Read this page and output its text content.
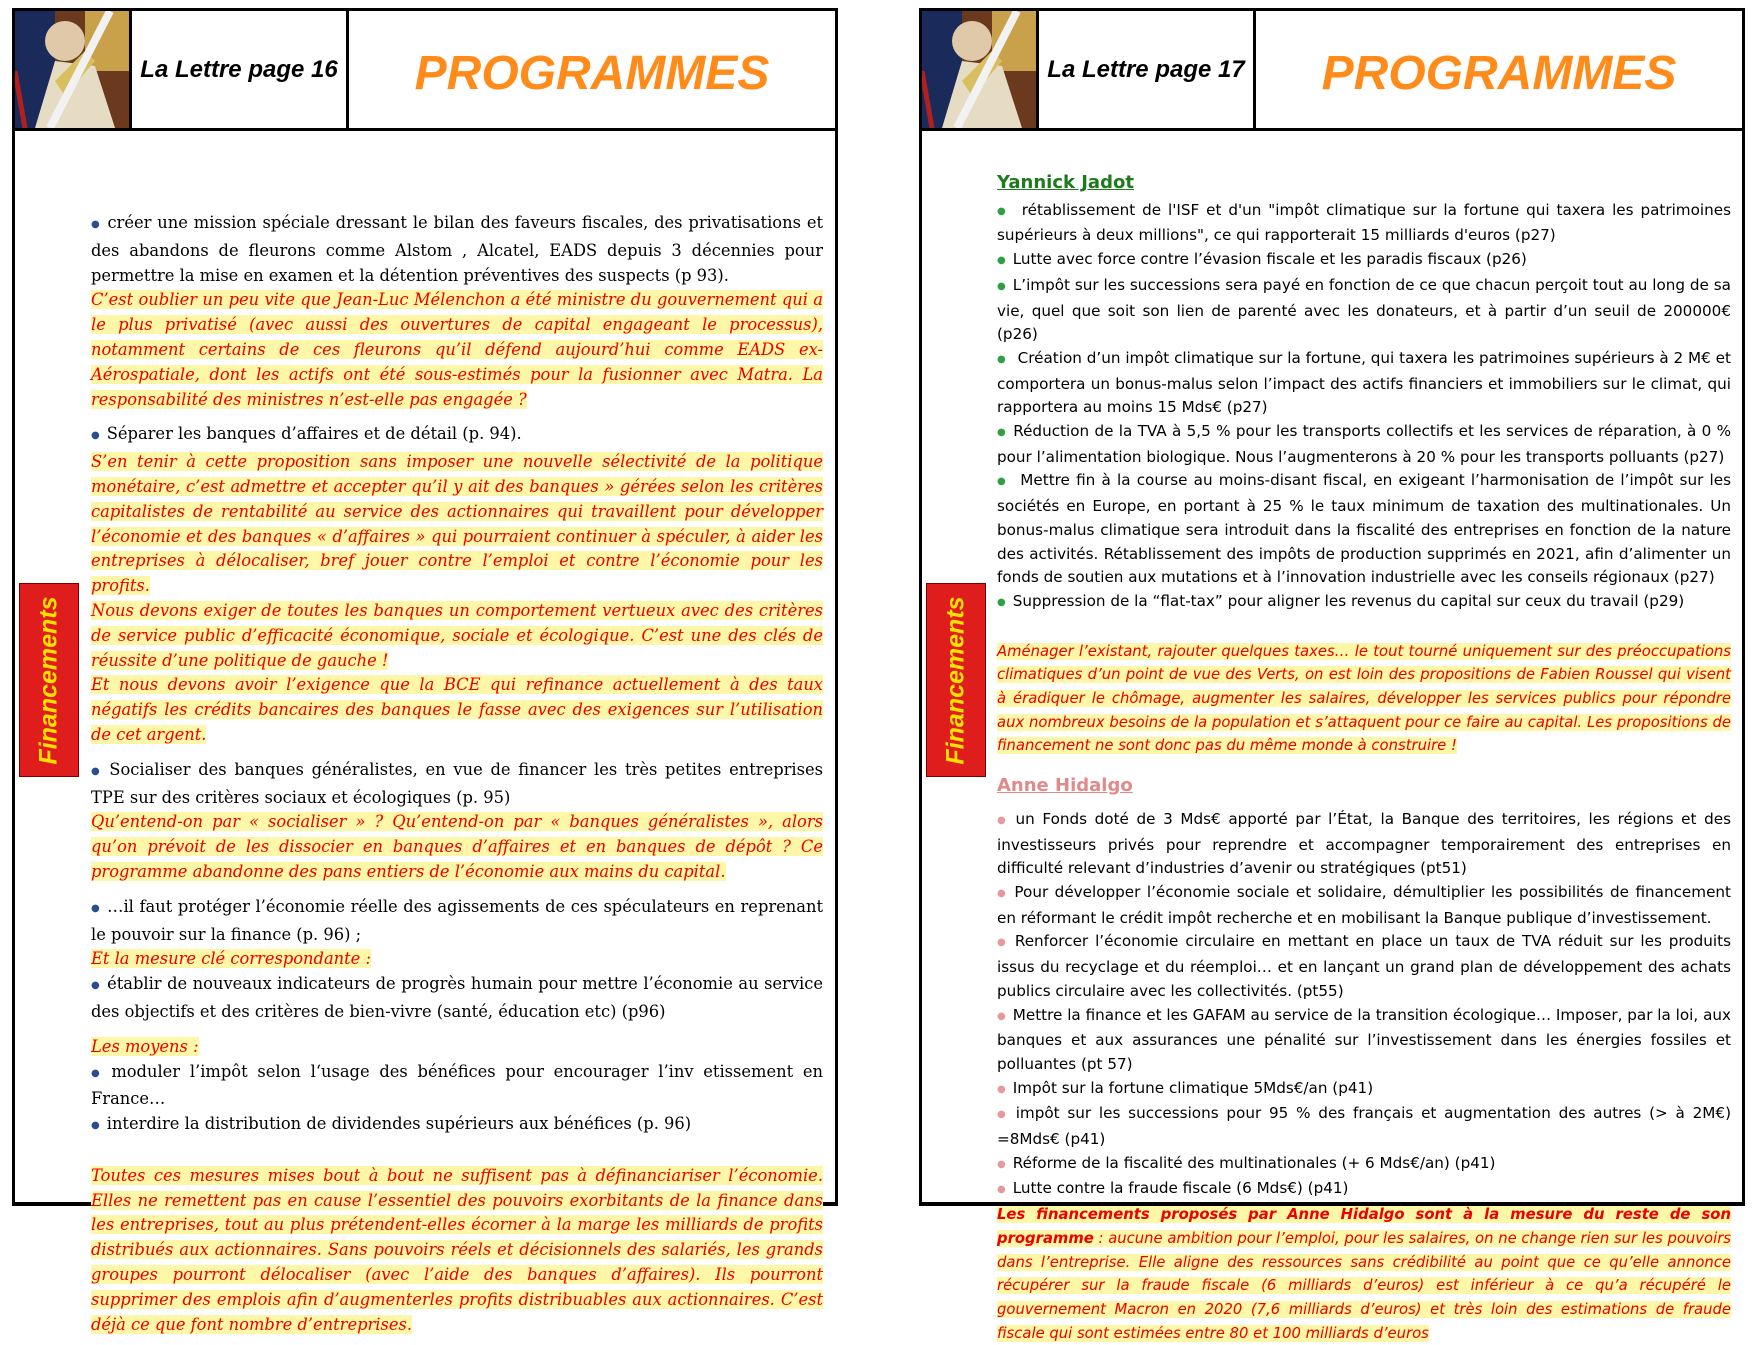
La Lettre page 16	PROGRAMMES
Financements

● créer une mission spéciale dressant le bilan des faveurs fiscales, des privatisations et des abandons de fleurons comme Alstom , Alcatel, EADS depuis 3 décennies pour permettre la mise en examen et la détention préventives des suspects (p 93).

C’est oublier un peu vite que Jean-Luc Mélenchon a été ministre du gouvernement qui a le plus privatisé (avec aussi des ouvertures de capital engageant le processus), notamment certains de ces fleurons qu’il défend aujourd’hui comme EADS ex-Aérospatiale, dont les actifs ont été sous-estimés pour la fusionner avec Matra. La responsabilité des ministres n’est-elle pas engagée ?

● Séparer les banques d’affaires et de détail (p. 94).

S’en tenir à cette proposition sans imposer une nouvelle sélectivité de la politique monétaire, c’est admettre et accepter qu’il y ait des banques » gérées selon les critères capitalistes de rentabilité au service des actionnaires qui travaillent pour développer l’économie et des banques « d’affaires » qui pourraient continuer à spéculer, à aider les entreprises à délocaliser, bref jouer contre l’emploi et contre l’économie pour les profits.

Nous devons exiger de toutes les banques un comportement vertueux avec des critères de service public d’efficacité économique, sociale et écologique. C’est une des clés de réussite d’une politique de gauche !

Et nous devons avoir l’exigence que la BCE qui refinance actuellement à des taux négatifs les crédits bancaires des banques le fasse avec des exigences sur l’utilisation de cet argent.

● Socialiser des banques généralistes, en vue de financer les très petites entreprises TPE sur des critères sociaux et écologiques (p. 95)

Qu’entend-on par « socialiser » ? Qu’entend-on par « banques généralistes », alors qu’on prévoit de les dissocier en banques d’affaires et en banques de dépôt ? Ce programme abandonne des pans entiers de l’économie aux mains du capital.

● …il faut protéger l’économie réelle des agissements de ces spéculateurs en reprenant le pouvoir sur la finance (p. 96) ;

Et la mesure clé correspondante :

● établir de nouveaux indicateurs de progrès humain pour mettre l’économie au service des objectifs et des critères de bien-vivre (santé, éducation etc) (p96)

Les moyens :

● moduler l’impôt selon l‘usage des bénéfices pour encourager l’inv etissement en France…

● interdire la distribution de dividendes supérieurs aux bénéfices (p. 96)

Toutes ces mesures mises bout à bout ne suffisent pas à définanciariser l’économie. Elles ne remettent pas en cause l’essentiel des pouvoirs exorbitants de la finance dans les entreprises, tout au plus prétendent-elles écorner à la marge les milliards de profits distribués aux actionnaires. Sans pouvoirs réels et décisionnels des salariés, les grands groupes pourront délocaliser (avec l’aide des banques d’affaires). Ils pourront supprimer des emplois afin d’augmenterles profits distribuables aux actionnaires. C’est déjà ce que font nombre d’entreprises.

La Lettre page 17	PROGRAMMES
Financements
Yannick Jadot

● rétablissement de l'ISF et d'un "impôt climatique sur la fortune qui taxera les patrimoines supérieurs à deux millions", ce qui rapporterait 15 milliards d'euros (p27)

● Lutte avec force contre l’évasion fiscale et les paradis fiscaux (p26)

● L’impôt sur les successions sera payé en fonction de ce que chacun perçoit tout au long de sa vie, quel que soit son lien de parenté avec les donateurs, et à partir d’un seuil de 200000€ (p26)

● Création d’un impôt climatique sur la fortune, qui taxera les patrimoines supérieurs à 2 M€ et comportera un bonus-malus selon l’impact des actifs financiers et immobiliers sur le climat, qui rapportera au moins 15 Mds€ (p27)

● Réduction de la TVA à 5,5 % pour les transports collectifs et les services de réparation, à 0 % pour l’alimentation biologique. Nous l’augmenterons à 20 % pour les transports polluants (p27)

● Mettre fin à la course au moins-disant fiscal, en exigeant l’harmonisation de l’impôt sur les sociétés en Europe, en portant à 25 % le taux minimum de taxation des multinationales. Un bonus-malus climatique sera introduit dans la fiscalité des entreprises en fonction de la nature des activités. Rétablissement des impôts de production supprimés en 2021, afin d’alimenter un fonds de soutien aux mutations et à l’innovation industrielle avec les conseils régionaux (p27)

● Suppression de la “flat-tax” pour aligner les revenus du capital sur ceux du travail (p29)

Aménager l’existant, rajouter quelques taxes… le tout tourné uniquement sur des préoccupations climatiques d’un point de vue des Verts, on est loin des propositions de Fabien Roussel qui visent à éradiquer le chômage, augmenter les salaires, développer les services publics pour répondre aux nombreux besoins de la population et s’attaquent pour ce faire au capital. Les propositions de financement ne sont donc pas du même monde à construire !

Anne Hidalgo

● un Fonds doté de 3 Mds€ apporté par l’État, la Banque des territoires, les régions et des investisseurs privés pour reprendre et accompagner temporairement des entreprises en difficulté relevant d’industries d’avenir ou stratégiques (pt51)

● Pour développer l’économie sociale et solidaire, démultiplier les possibilités de financement en réformant le crédit impôt recherche et en mobilisant la Banque publique d’investissement.

● Renforcer l’économie circulaire en mettant en place un taux de TVA réduit sur les produits issus du recyclage et du réemploi… et en lançant un grand plan de développement des achats publics circulaire avec les collectivités. (pt55)

● Mettre la finance et les GAFAM au service de la transition écologique… Imposer, par la loi, aux banques et aux assurances une pénalité sur l’investissement dans les énergies fossiles et polluantes (pt 57)

● Impôt sur la fortune climatique 5Mds€/an (p41)

● impôt sur les successions pour 95 % des français et augmentation des autres (> à 2M€) =8Mds€ (p41)

● Réforme de la fiscalité des multinationales (+ 6 Mds€/an) (p41)

● Lutte contre la fraude fiscale (6 Mds€) (p41)

Les financements proposés par Anne Hidalgo sont à la mesure du reste de son programme : aucune ambition pour l’emploi, pour les salaires, on ne change rien sur les pouvoirs dans l’entreprise. Elle aligne des ressources sans crédibilité au point que ce qu’elle annonce récupérer sur la fraude fiscale (6 milliards d’euros) est inférieur à ce qu’a récupéré le gouvernement Macron en 2020 (7,6 milliards d’euros) et très loin des estimations de fraude fiscale qui sont estimées entre 80 et 100 milliards d’euros
